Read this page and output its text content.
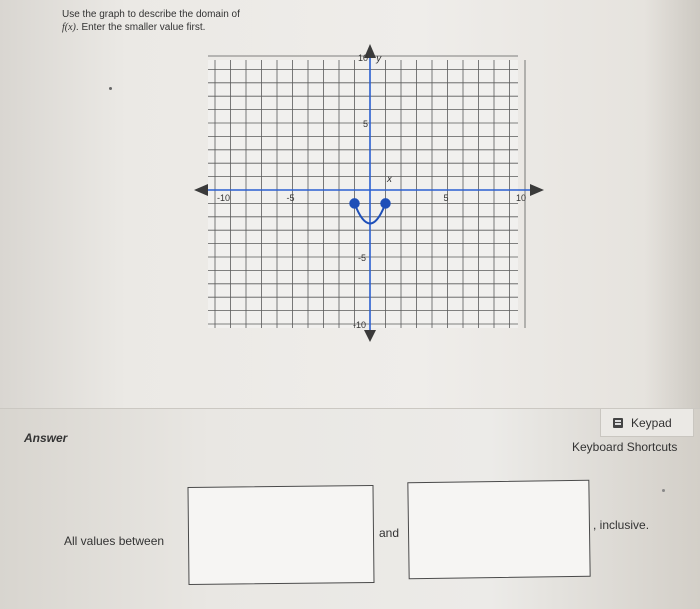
Use the graph to describe the domain of
f(x). Enter the smaller value first.
x
y
-10	-5	5	10
10
5
-5
-10
Answer
Keypad
Keyboard Shortcuts
All values between
and
, inclusive.
